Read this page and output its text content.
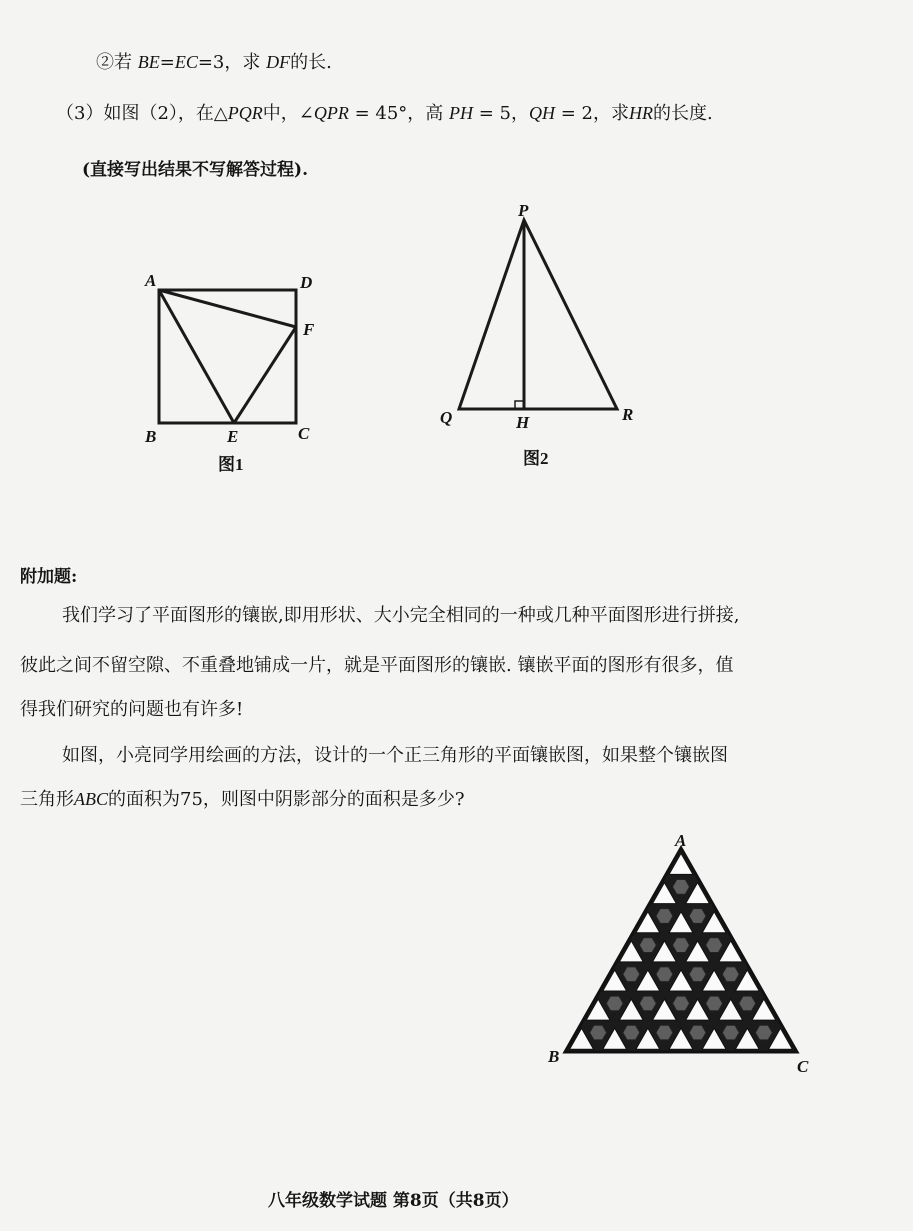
②若 BE=EC=3，求 DF的长.
（3）如图（2），在△PQR中，∠QPR = 45°，高 PH = 5，QH = 2，求HR的长度.
(直接写出结果不写解答过程).
A	D
F
B	E	C
图1
P
Q	H	R
图2
A
B
C
附加题:
我们学习了平面图形的镶嵌,即用形状、大小完全相同的一种或几种平面图形进行拼接,
彼此之间不留空隙、不重叠地铺成一片，就是平面图形的镶嵌. 镶嵌平面的图形有很多，值
得我们研究的问题也有许多!
如图，小亮同学用绘画的方法，设计的一个正三角形的平面镶嵌图，如果整个镶嵌图
三角形ABC的面积为75，则图中阴影部分的面积是多少?
八年级数学试题 第8页（共8页）
